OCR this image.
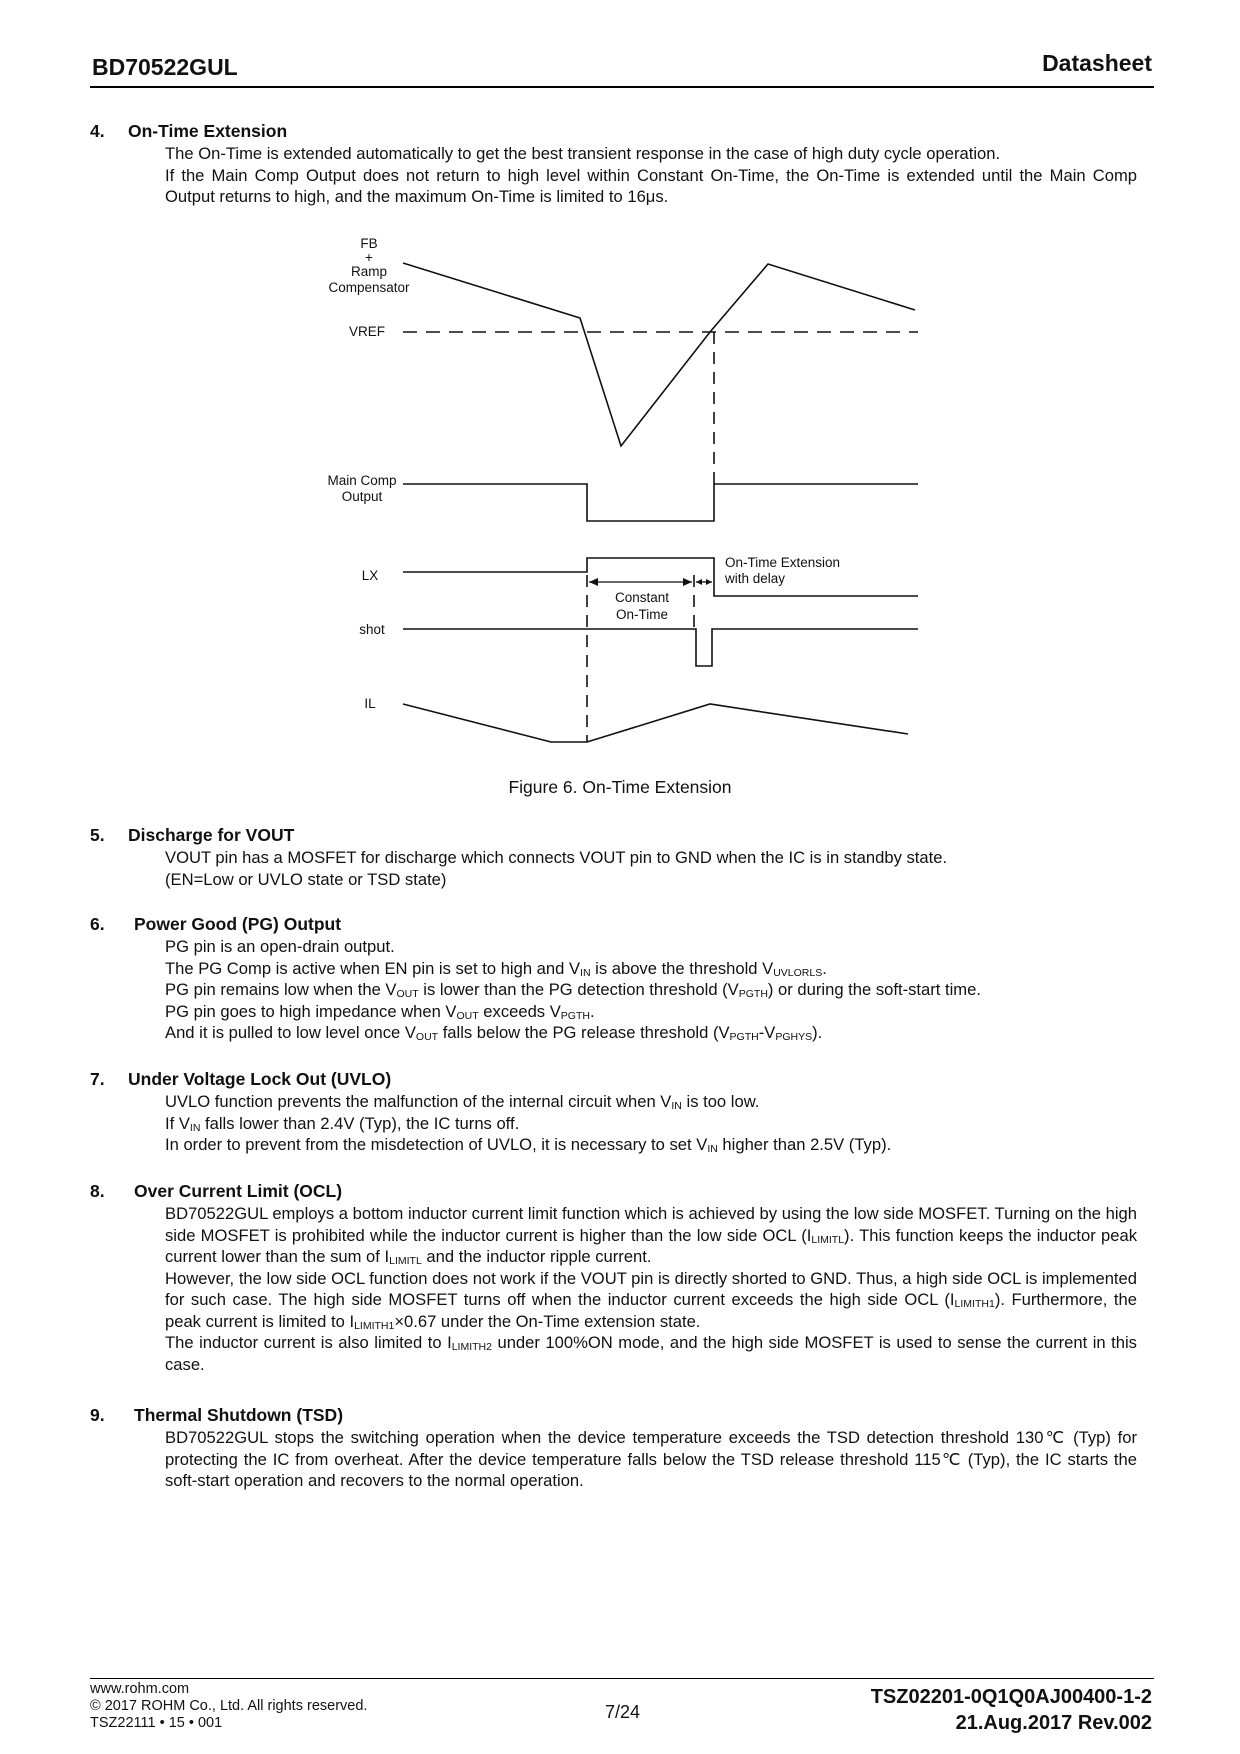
BD70522GUL	Datasheet
4. On-Time Extension
The On-Time is extended automatically to get the best transient response in the case of high duty cycle operation.
If the Main Comp Output does not return to high level within Constant On-Time, the On-Time is extended until the Main Comp Output returns to high, and the maximum On-Time is limited to 16μs.
FB
+
Ramp
Compensator
VREF
Main Comp
Output
LX
shot
IL
Constant
On-Time
On-Time Extension
with delay
Figure 6. On-Time Extension
5. Discharge for VOUT
VOUT pin has a MOSFET for discharge which connects VOUT pin to GND when the IC is in standby state.
(EN=Low or UVLO state or TSD state)
6. Power Good (PG) Output
PG pin is an open-drain output.
The PG Comp is active when EN pin is set to high and $V_{IN}$ is above the threshold $V_{UVLORLS}$.
PG pin remains low when the $V_{OUT}$ is lower than the PG detection threshold $(V_{PGTH})$ or during the soft-start time.
PG pin goes to high impedance when $V_{OUT}$ exceeds $V_{PGTH}$.
And it is pulled to low level once $V_{OUT}$ falls below the PG release threshold $(V_{PGTH}-V_{PGHYS})$.
7. Under Voltage Lock Out (UVLO)
UVLO function prevents the malfunction of the internal circuit when $V_{IN}$ is too low.
If $V_{IN}$ falls lower than 2.4V (Typ), the IC turns off.
In order to prevent from the misdetection of UVLO, it is necessary to set $V_{IN}$ higher than 2.5V (Typ).
8. Over Current Limit (OCL)
BD70522GUL employs a bottom inductor current limit function which is achieved by using the low side MOSFET. Turning on the high side MOSFET is prohibited while the inductor current is higher than the low side OCL $(I_{LIMITL})$. This function keeps the inductor peak current lower than the sum of $I_{LIMITL}$ and the inductor ripple current.
However, the low side OCL function does not work if the VOUT pin is directly shorted to GND. Thus, a high side OCL is implemented for such case. The high side MOSFET turns off when the inductor current exceeds the high side OCL $(I_{LIMITH1})$. Furthermore, the peak current is limited to $I_{LIMITH1}\times 0.67$ under the On-Time extension state.
The inductor current is also limited to $I_{LIMITH2}$ under 100%ON mode, and the high side MOSFET is used to sense the current in this case.
9. Thermal Shutdown (TSD)
BD70522GUL stops the switching operation when the device temperature exceeds the TSD detection threshold 130℃ (Typ) for protecting the IC from overheat. After the device temperature falls below the TSD release threshold 115℃ (Typ), the IC starts the soft-start operation and recovers to the normal operation.
www.rohm.com
© 2017 ROHM Co., Ltd. All rights reserved.
TSZ22111 • 15 • 001
7/24
TSZ02201-0Q1Q0AJ00400-1-2
21.Aug.2017 Rev.002
